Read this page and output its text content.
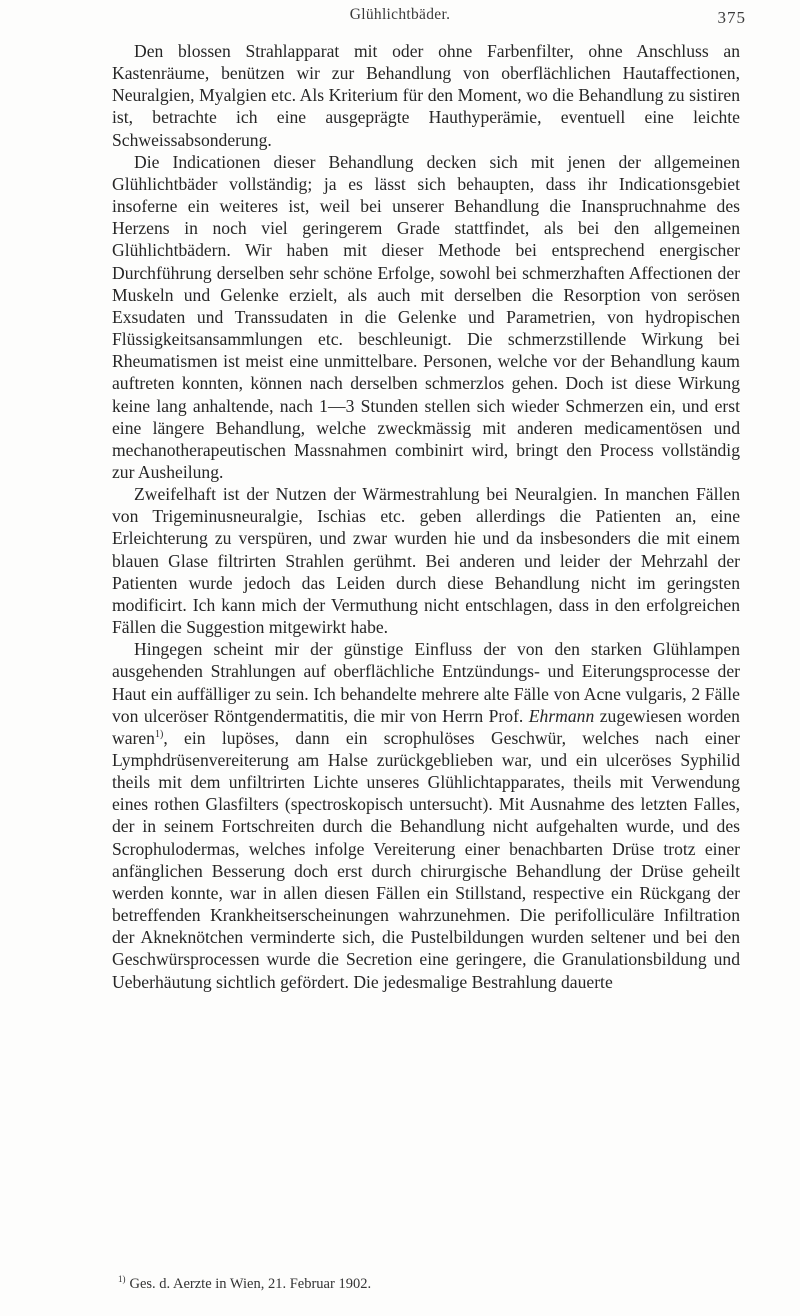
Glühlichtbäder.	375

Den blossen Strahlapparat mit oder ohne Farbenfilter, ohne Anschluss an Kastenräume, benützen wir zur Behandlung von oberflächlichen Hautaffectionen, Neuralgien, Myalgien etc. Als Kriterium für den Moment, wo die Behandlung zu sistiren ist, betrachte ich eine ausgeprägte Hauthyperämie, eventuell eine leichte Schweissabsonderung.

Die Indicationen dieser Behandlung decken sich mit jenen der allgemeinen Glühlichtbäder vollständig; ja es lässt sich behaupten, dass ihr Indicationsgebiet insoferne ein weiteres ist, weil bei unserer Behandlung die Inanspruchnahme des Herzens in noch viel geringerem Grade stattfindet, als bei den allgemeinen Glühlichtbädern. Wir haben mit dieser Methode bei entsprechend energischer Durchführung derselben sehr schöne Erfolge, sowohl bei schmerzhaften Affectionen der Muskeln und Gelenke erzielt, als auch mit derselben die Resorption von serösen Exsudaten und Transsudaten in die Gelenke und Parametrien, von hydropischen Flüssigkeitsansammlungen etc. beschleunigt. Die schmerzstillende Wirkung bei Rheumatismen ist meist eine unmittelbare. Personen, welche vor der Behandlung kaum auftreten konnten, können nach derselben schmerzlos gehen. Doch ist diese Wirkung keine lang anhaltende, nach 1—3 Stunden stellen sich wieder Schmerzen ein, und erst eine längere Behandlung, welche zweckmässig mit anderen medicamentösen und mechanotherapeutischen Massnahmen combinirt wird, bringt den Process vollständig zur Ausheilung.

Zweifelhaft ist der Nutzen der Wärmestrahlung bei Neuralgien. In manchen Fällen von Trigeminusneuralgie, Ischias etc. geben allerdings die Patienten an, eine Erleichterung zu verspüren, und zwar wurden hie und da insbesonders die mit einem blauen Glase filtrirten Strahlen gerühmt. Bei anderen und leider der Mehrzahl der Patienten wurde jedoch das Leiden durch diese Behandlung nicht im geringsten modificirt. Ich kann mich der Vermuthung nicht entschlagen, dass in den erfolgreichen Fällen die Suggestion mitgewirkt habe.

Hingegen scheint mir der günstige Einfluss der von den starken Glühlampen ausgehenden Strahlungen auf oberflächliche Entzündungs- und Eiterungsprocesse der Haut ein auffälliger zu sein. Ich behandelte mehrere alte Fälle von Acne vulgaris, 2 Fälle von ulceröser Röntgendermatitis, die mir von Herrn Prof. Ehrmann zugewiesen worden waren$^{1)}$, ein lupöses, dann ein scrophulöses Geschwür, welches nach einer Lymphdrüsenvereiterung am Halse zurückgeblieben war, und ein ulceröses Syphilid theils mit dem unfiltrirten Lichte unseres Glühlichtapparates, theils mit Verwendung eines rothen Glasfilters (spectroskopisch untersucht). Mit Ausnahme des letzten Falles, der in seinem Fortschreiten durch die Behandlung nicht aufgehalten wurde, und des Scrophulodermas, welches infolge Vereiterung einer benachbarten Drüse trotz einer anfänglichen Besserung doch erst durch chirurgische Behandlung der Drüse geheilt werden konnte, war in allen diesen Fällen ein Stillstand, respective ein Rückgang der betreffenden Krankheitserscheinungen wahrzunehmen. Die perifolliculäre Infiltration der Akneknötchen verminderte sich, die Pustelbildungen wurden seltener und bei den Geschwürsprocessen wurde die Secretion eine geringere, die Granulationsbildung und Ueberhäutung sichtlich gefördert. Die jedesmalige Bestrahlung dauerte

$^{1)}$ Ges. d. Aerzte in Wien, 21. Februar 1902.
